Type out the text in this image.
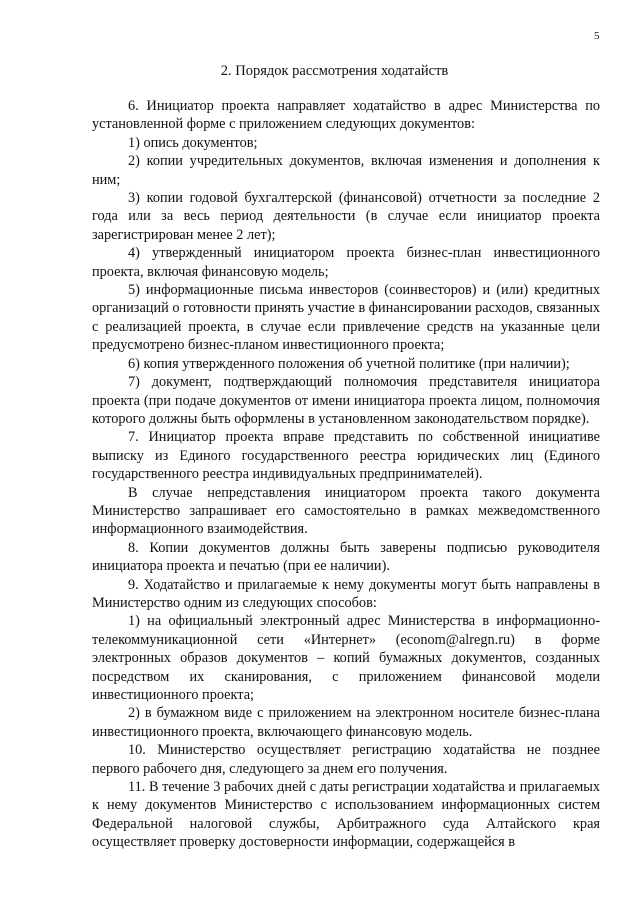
5
2. Порядок рассмотрения ходатайств

6. Инициатор проекта направляет ходатайство в адрес Министерства по установленной форме с приложением следующих документов:

1) опись документов;

2) копии учредительных документов, включая изменения и дополнения к ним;

3) копии годовой бухгалтерской (финансовой) отчетности за последние 2 года или за весь период деятельности (в случае если инициатор проекта зарегистрирован менее 2 лет);

4) утвержденный инициатором проекта бизнес-план инвестиционного проекта, включая финансовую модель;

5) информационные письма инвесторов (соинвесторов) и (или) кредитных организаций о готовности принять участие в финансировании расходов, связанных с реализацией проекта, в случае если привлечение средств на указанные цели предусмотрено бизнес-планом инвестиционного проекта;

6) копия утвержденного положения об учетной политике (при наличии);

7) документ, подтверждающий полномочия представителя инициатора проекта (при подаче документов от имени инициатора проекта лицом, полномочия которого должны быть оформлены в установленном законодательством порядке).

7. Инициатор проекта вправе представить по собственной инициативе выписку из Единого государственного реестра юридических лиц (Единого государственного реестра индивидуальных предпринимателей).

В случае непредставления инициатором проекта такого документа Министерство запрашивает его самостоятельно в рамках межведомственного информационного взаимодействия.

8. Копии документов должны быть заверены подписью руководителя инициатора проекта и печатью (при ее наличии).

9. Ходатайство и прилагаемые к нему документы могут быть направлены в Министерство одним из следующих способов:

1) на официальный электронный адрес Министерства в информационно-телекоммуникационной сети «Интернет» (econom@alregn.ru) в форме электронных образов документов – копий бумажных документов, созданных посредством их сканирования, с приложением финансовой модели инвестиционного проекта;

2) в бумажном виде с приложением на электронном носителе бизнес-плана инвестиционного проекта, включающего финансовую модель.

10. Министерство осуществляет регистрацию ходатайства не позднее первого рабочего дня, следующего за днем его получения.

11. В течение 3 рабочих дней с даты регистрации ходатайства и прилагаемых к нему документов Министерство с использованием информационных систем Федеральной налоговой службы, Арбитражного суда Алтайского края осуществляет проверку достоверности информации, содержащейся в
